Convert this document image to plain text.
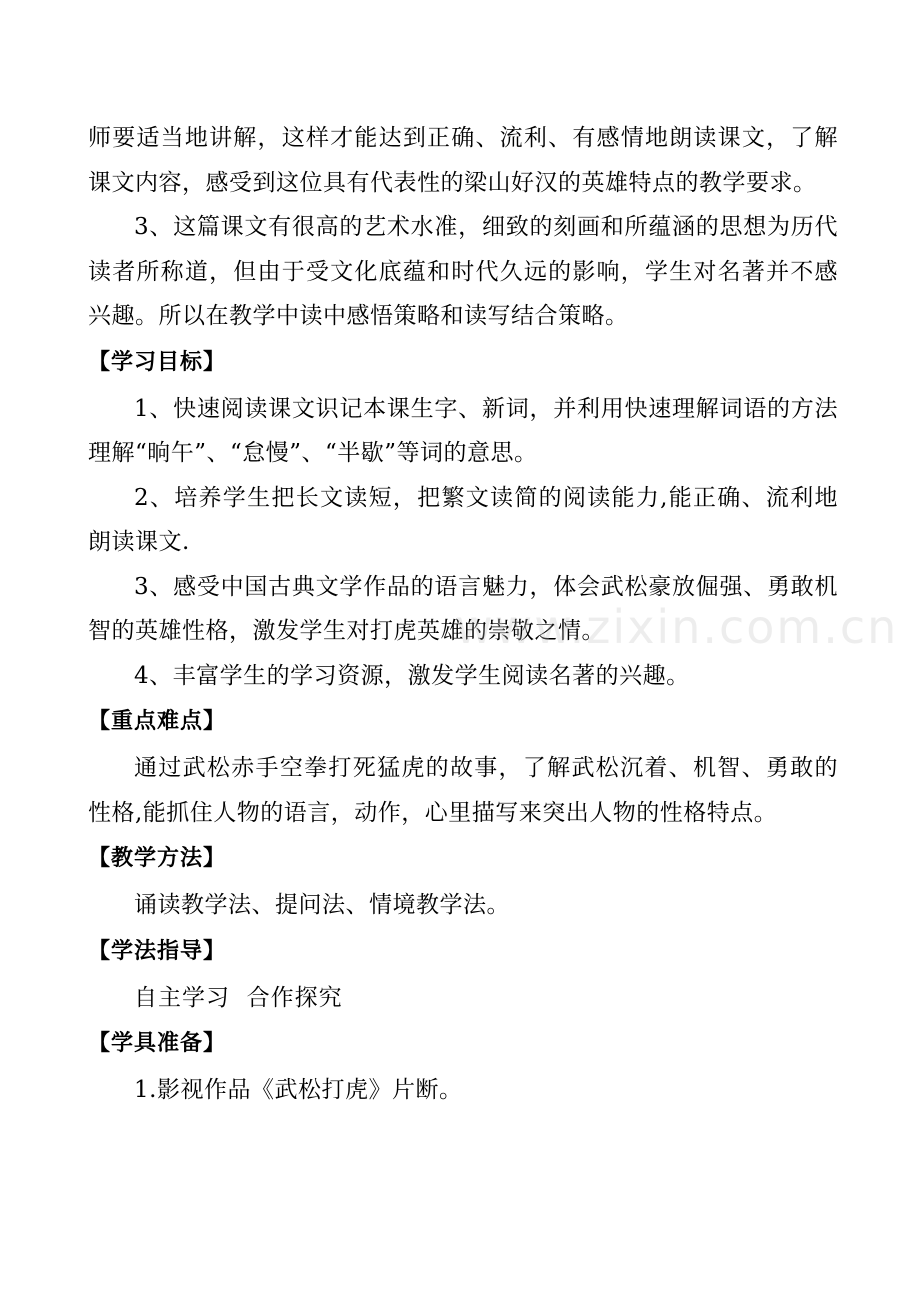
师要适当地讲解，这样才能达到正确、流利、有感情地朗读课文，了解课文内容，感受到这位具有代表性的梁山好汉的英雄特点的教学要求。

3、这篇课文有很高的艺术水准，细致的刻画和所蕴涵的思想为历代读者所称道，但由于受文化底蕴和时代久远的影响，学生对名著并不感兴趣。所以在教学中读中感悟策略和读写结合策略。

【学习目标】

1、快速阅读课文识记本课生字、新词，并利用快速理解词语的方法理解“晌午”、“怠慢”、“半歇”等词的意思。

2、培养学生把长文读短，把繁文读简的阅读能力,能正确、流利地朗读课文.

3、感受中国古典文学作品的语言魅力，体会武松豪放倔强、勇敢机智的英雄性格，激发学生对打虎英雄的崇敬之情。

4、丰富学生的学习资源，激发学生阅读名著的兴趣。

【重点难点】

通过武松赤手空拳打死猛虎的故事，了解武松沉着、机智、勇敢的性格,能抓住人物的语言，动作，心里描写来突出人物的性格特点。

【教学方法】

诵读教学法、提问法、情境教学法。

【学法指导】

自主学习  合作探究

【学具准备】

1.影视作品《武松打虎》片断。

www.zixin.com.cn
